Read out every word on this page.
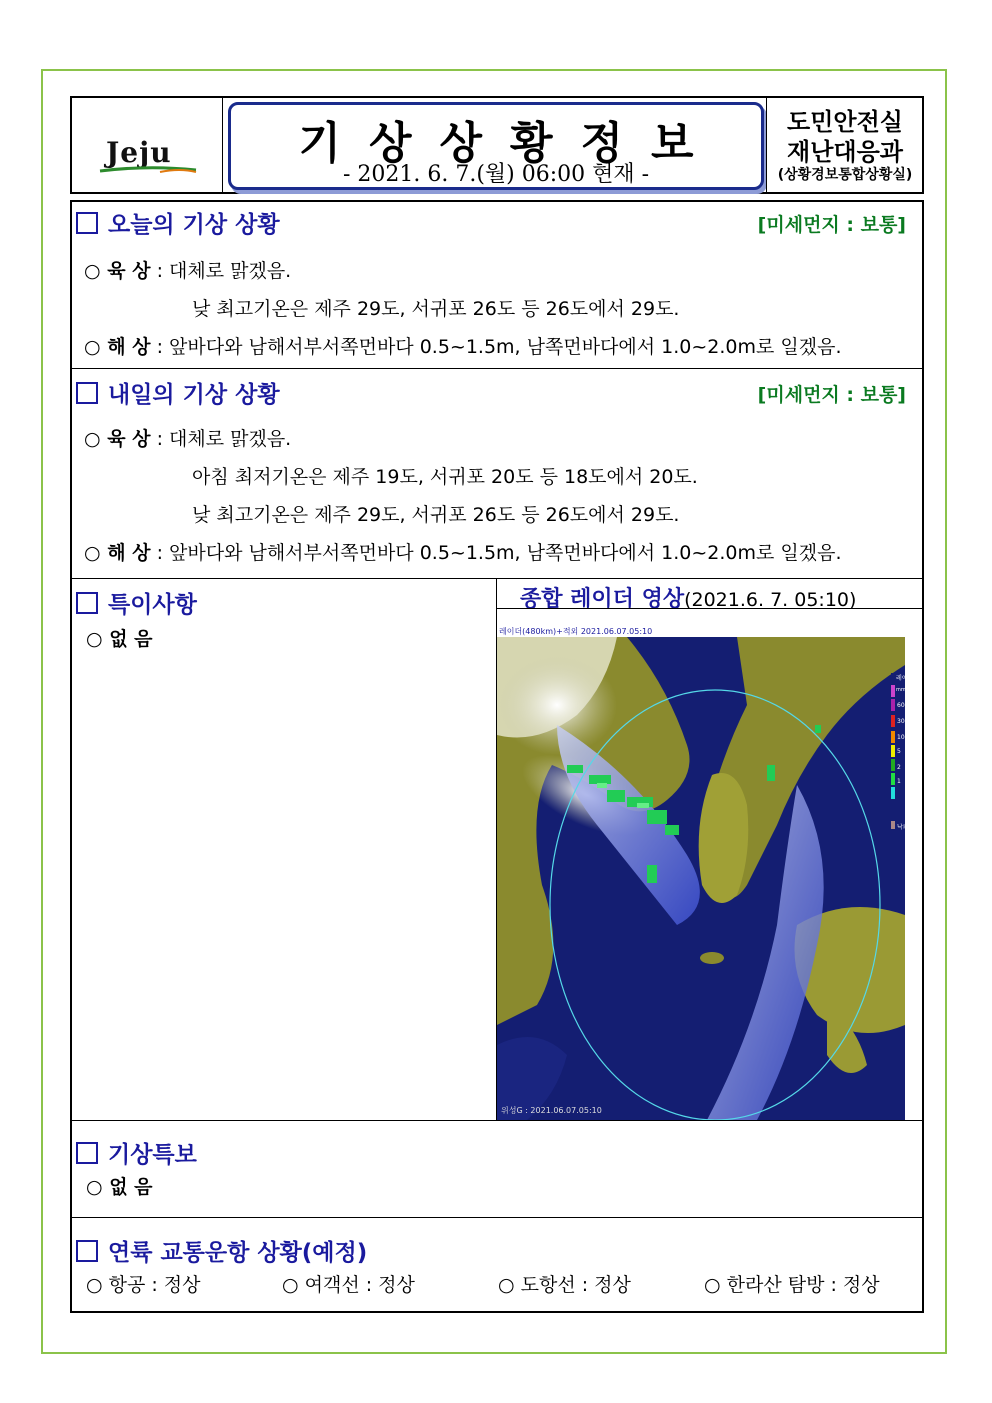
Jeju	기상상황정보
- 2021. 6. 7.(월) 06:00 현재 -
도민안전실
재난대응과
(상황경보통합상황실)
오늘의 기상 상황	[미세먼지 : 보통]
○ 육 상 : 대체로 맑겠음.
낮 최고기온은 제주 29도, 서귀포 26도 등 26도에서 29도.
○ 해 상 : 앞바다와 남해서부서쪽먼바다 0.5~1.5m, 남쪽먼바다에서 1.0~2.0m로 일겠음.
내일의 기상 상황	[미세먼지 : 보통]
○ 육 상 : 대체로 맑겠음.
아침 최저기온은 제주 19도, 서귀포 20도 등 18도에서 20도.
낮 최고기온은 제주 29도, 서귀포 26도 등 26도에서 29도.
○ 해 상 : 앞바다와 남해서부서쪽먼바다 0.5~1.5m, 남쪽먼바다에서 1.0~2.0m로 일겠음.
특이사항
○ 없 음
종합 레이더 영상(2021.6. 7. 05:10)
레이더
mm/h
60
30
10
5
2
1
낙뢰
레이더(480km)+적외 2021.06.07.05:10
위성G : 2021.06.07.05:10
기상특보
○ 없 음
연륙 교통운항 상황(예정)
○ 항공 : 정상	○ 여객선 : 정상	○ 도항선 : 정상	○ 한라산 탐방 : 정상
